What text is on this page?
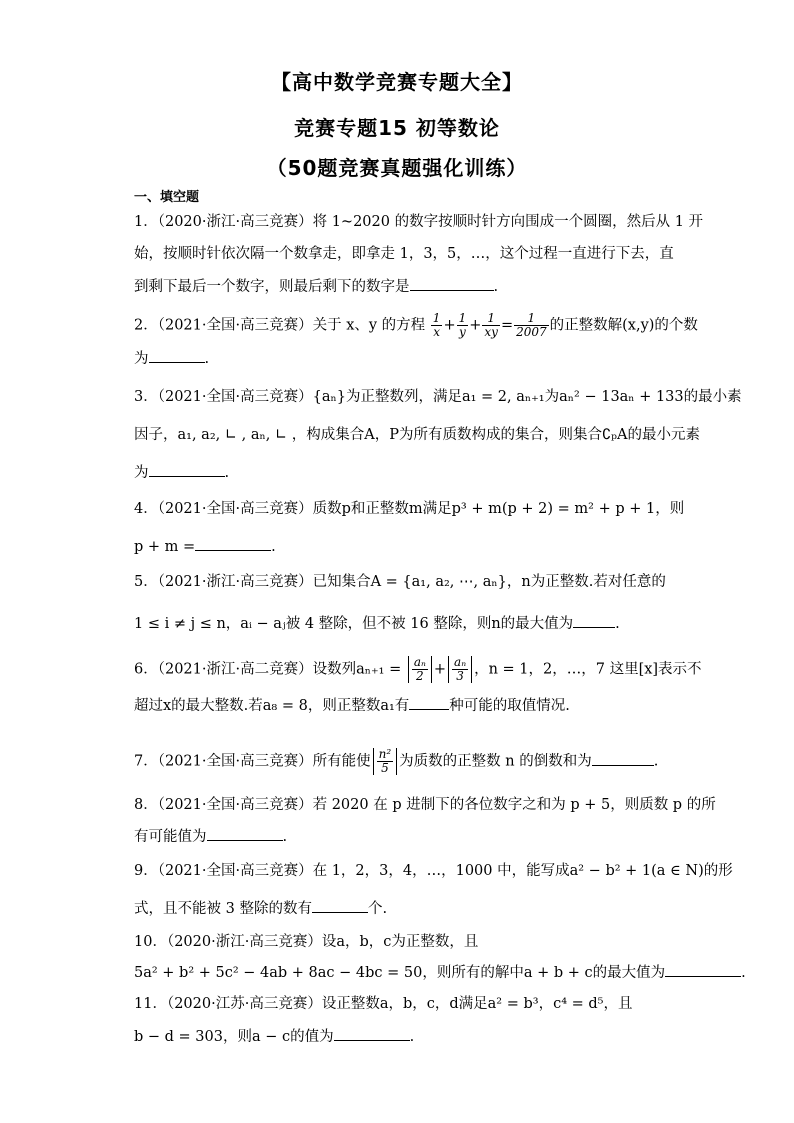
【高中数学竞赛专题大全】
竞赛专题15 初等数论
（50题竞赛真题强化训练）
一、填空题
1．（2020·浙江·高三竞赛）将 1~2020 的数字按顺时针方向围成一个圆圈，然后从 1 开
始，按顺时针依次隔一个数拿走，即拿走 1，3，5，…，这个过程一直进行下去，直
到剩下最后一个数字，则最后剩下的数字是	.
2．（2021·全国·高三竞赛）关于 x、y 的方程 $\frac{1}{x} + \frac{1}{y} + \frac{1}{xy} = \frac{1}{2007}$ 的正整数解(x,y)的个数
为	.
3．（2021·全国·高三竞赛）{aₙ}为正整数列，满足a₁ = 2, aₙ₊₁为aₙ² − 13aₙ + 133的最小素
因子，a₁, a₂, ∟ , aₙ, ∟ ，构成集合A，P为所有质数构成的集合，则集合∁ₚA的最小元素
为	.
4．（2021·全国·高三竞赛）质数p和正整数m满足p³ + m(p + 2) = m² + p + 1，则
p + m =	.
5．（2021·浙江·高三竞赛）已知集合A = {a₁, a₂, ⋯, aₙ}，n为正整数.若对任意的
1 ≤ i ≠ j ≤ n，aᵢ − aⱼ被 4 整除，但不被 16 整除，则n的最大值为	.
6．（2021·浙江·高二竞赛）设数列$a_{n+1} = \frac{\text{aₙ}}{2} + \frac{\text{aₙ}}{3}$ ，n = 1，2，…，7 这里[x]表示不
超过x的最大整数.若a₈ = 8，则正整数a₁有	种可能的取值情况.
7．（2021·全国·高三竞赛）所有能使 $\frac{\text{n²}}{5}$ 为质数的正整数 n 的倒数和为	.
8．（2021·全国·高三竞赛）若 2020 在 p 进制下的各位数字之和为 p + 5，则质数 p 的所
有可能值为	.
9．（2021·全国·高三竞赛）在 1，2，3，4，…，1000 中，能写成a² − b² + 1(a ∈ N)的形
式，且不能被 3 整除的数有	个.
10．（2020·浙江·高三竞赛）设a，b，c为正整数，且
5a² + b² + 5c² − 4ab + 8ac − 4bc = 50，则所有的解中a + b + c的最大值为	.
11．（2020·江苏·高三竞赛）设正整数a，b，c，d满足a² = b³，c⁴ = d⁵，且
b − d = 303，则a − c的值为	.
